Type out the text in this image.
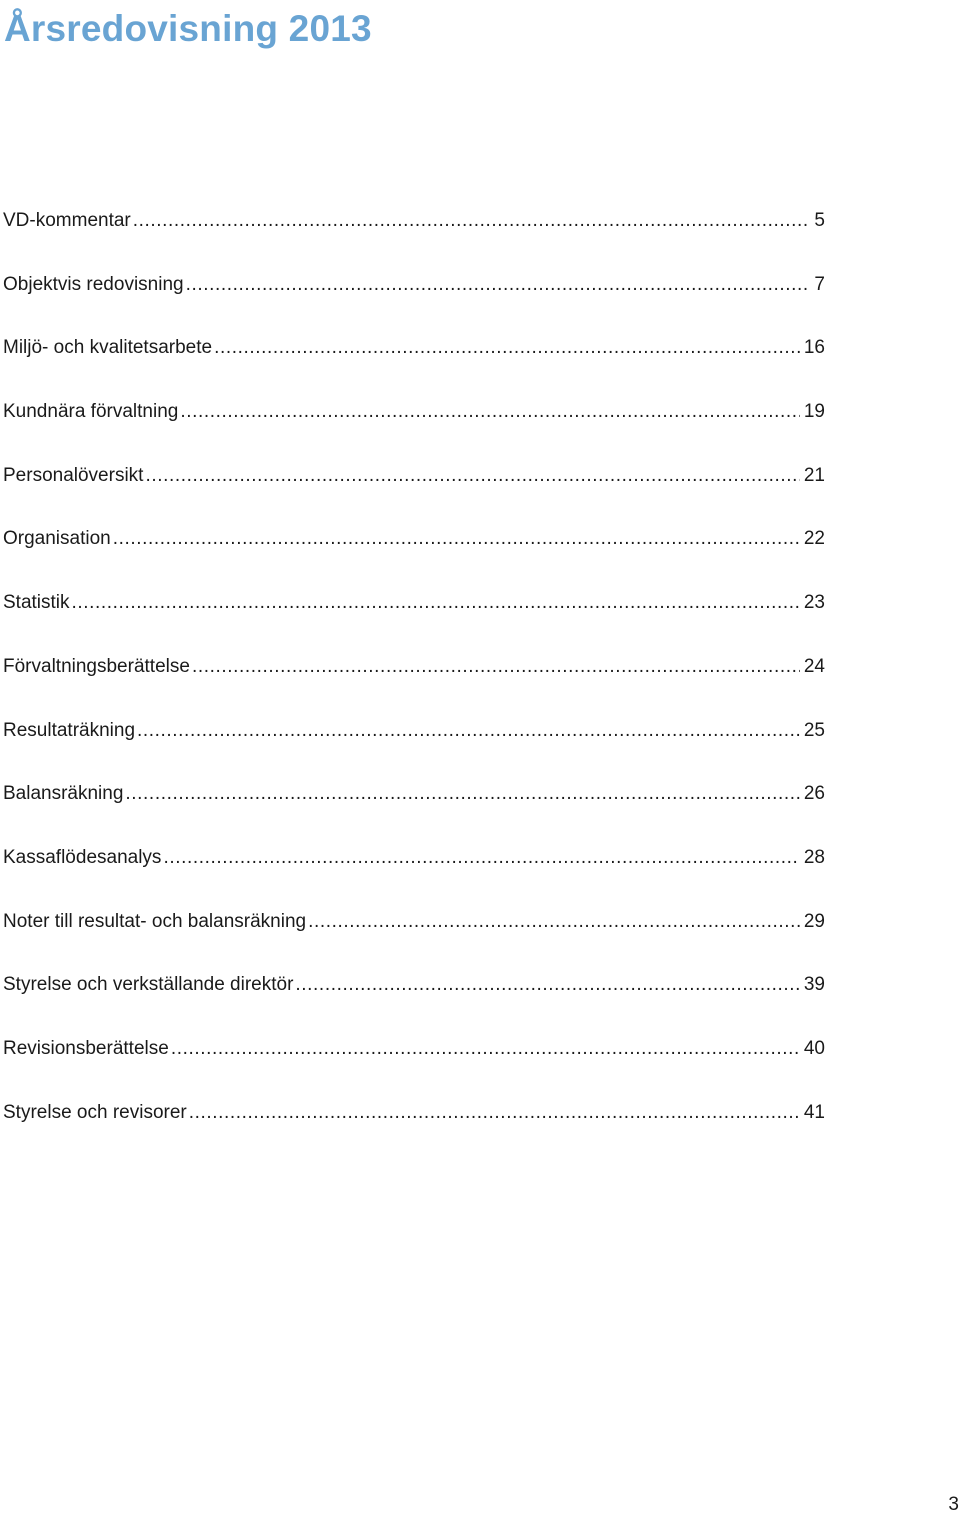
Årsredovisning 2013
VD-kommentar .....	5
Objektvis redovisning .....	7
Miljö- och kvalitetsarbete .....	16
Kundnära förvaltning .....	19
Personalöversikt .....	21
Organisation .....	22
Statistik .....	23
Förvaltningsberättelse .....	24
Resultaträkning .....	25
Balansräkning .....	26
Kassaflödesanalys .....	28
Noter till resultat- och balansräkning .....	29
Styrelse och verkställande direktör .....	39
Revisionsberättelse .....	40
Styrelse och revisorer .....	41
3
